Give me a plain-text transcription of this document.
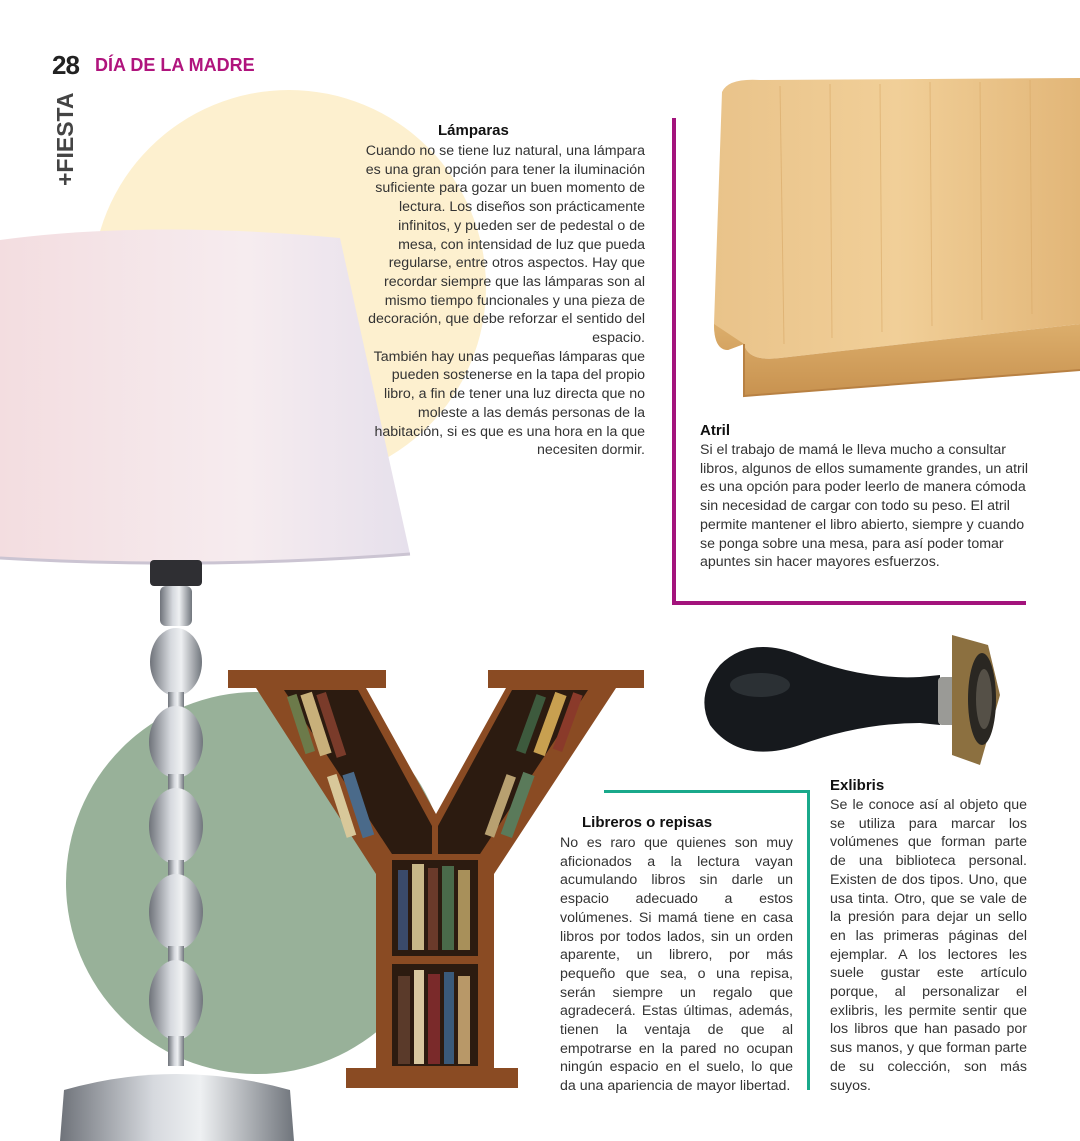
28 DÍA DE LA MADRE
+FIESTA	Lámparas

Cuando no se tiene luz natural, una lámpara es una gran opción para tener la iluminación suficiente para gozar un buen momento de lectura. Los diseños son prácticamente infinitos, y pueden ser de pedestal o de mesa, con intensidad de luz que pueda regularse, entre otros aspectos. Hay que recordar siempre que las lámparas son al mismo tiempo funcionales y una pieza de decoración, que debe reforzar el sentido del espacio.

También hay unas pequeñas lámparas que pueden sostenerse en la tapa del propio libro, a fin de tener una luz directa que no moleste a las demás personas de la habitación, si es que es una hora en la que necesiten dormir.

Atril
Si el trabajo de mamá le lleva mucho a consultar libros, algunos de ellos sumamente grandes, un atril es una opción para poder leerlo de manera cómoda sin necesidad de cargar con todo su peso. El atril permite mantener el libro abierto, siempre y cuando se ponga sobre una mesa, para así poder tomar apuntes sin hacer mayores esfuerzos.
Libreros o repisas
No es raro que quienes son muy aficionados a la lectura vayan acumulando libros sin darle un espacio adecuado a estos volúmenes. Si mamá tiene en casa libros por todos lados, sin un orden aparente, un librero, por más pequeño que sea, o una repisa, serán siempre un regalo que agradecerá. Estas últimas, además, tienen la ventaja de que al empotrarse en la pared no ocupan ningún espacio en el suelo, lo que da una apariencia de mayor libertad.
Exlibris
Se le conoce así al objeto que se utiliza para marcar los volúmenes que forman parte de una biblioteca personal. Existen de dos tipos. Uno, que usa tinta. Otro, que se vale de la presión para dejar un sello en las primeras páginas del ejemplar. A los lectores les suele gustar este artículo porque, al personalizar el exlibris, les permite sentir que los libros que han pasado por sus manos, y que forman parte de su colección, son más suyos.
